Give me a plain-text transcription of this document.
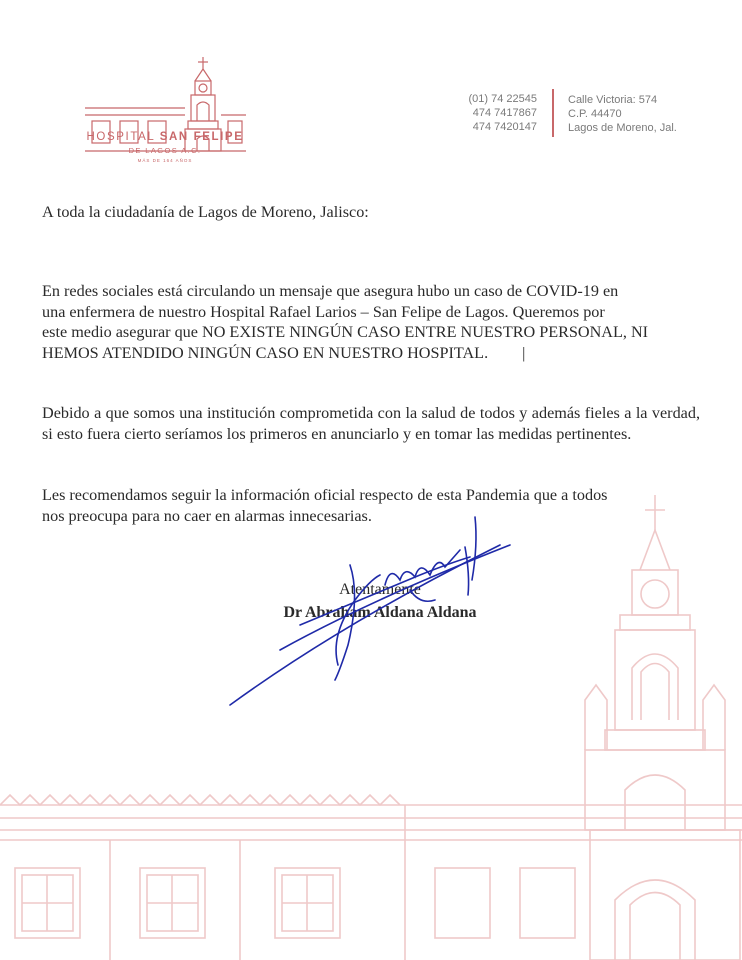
HOSPITAL SAN FELIPE
DE LAGOS A.C.
MÁS DE 164 AÑOS
(01) 74 22545
474 7417867
474 7420147
Calle Victoria: 574
C.P. 44470
Lagos de Moreno, Jal.
A toda la ciudadanía de Lagos de Moreno, Jalisco:
En redes sociales está circulando un mensaje que asegura hubo un caso de COVID-19 en
una enfermera de nuestro Hospital Rafael Larios – San Felipe de Lagos. Queremos por
este medio asegurar que NO EXISTE NINGÚN CASO ENTRE NUESTRO PERSONAL, NI
HEMOS ATENDIDO NINGÚN CASO EN NUESTRO HOSPITAL. |
Debido a que somos una institución comprometida con la salud de todos y además fieles a la verdad, si esto fuera cierto seríamos los primeros en anunciarlo y en tomar las medidas pertinentes.
Les recomendamos seguir la información oficial respecto de esta Pandemia que a todos
nos preocupa para no caer en alarmas innecesarias.
Atentamente
Dr Abraham Aldana Aldana
